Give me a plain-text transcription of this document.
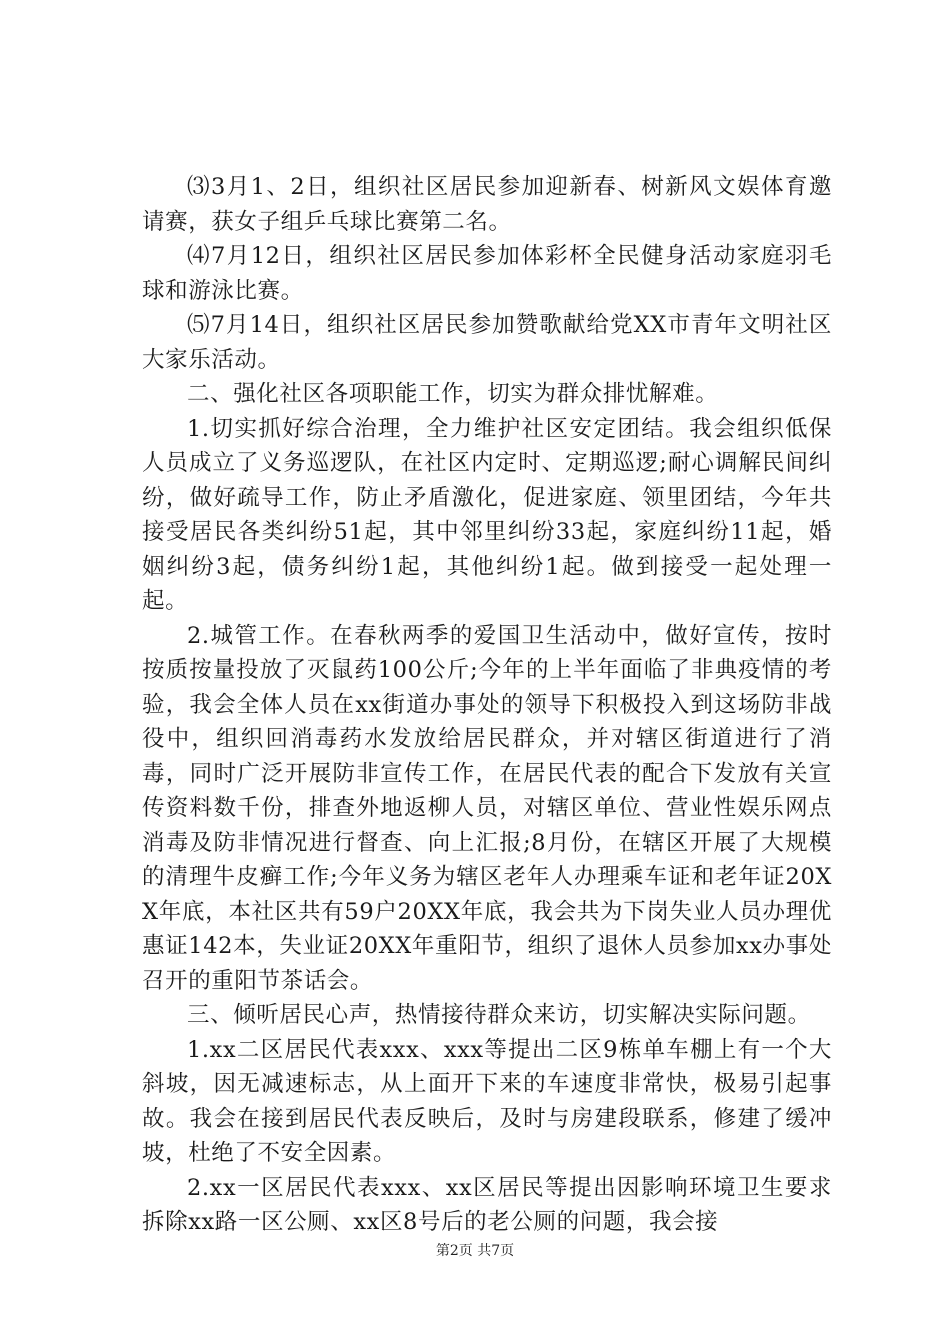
⑶3月1、2日，组织社区居民参加迎新春、树新风文娱体育邀请赛，获女子组乒乓球比赛第二名。

⑷7月12日，组织社区居民参加体彩杯全民健身活动家庭羽毛球和游泳比赛。

⑸7月14日，组织社区居民参加赞歌献给党XX市青年文明社区大家乐活动。

二、强化社区各项职能工作，切实为群众排忧解难。

1.切实抓好综合治理，全力维护社区安定团结。我会组织低保人员成立了义务巡逻队，在社区内定时、定期巡逻;耐心调解民间纠纷，做好疏导工作，防止矛盾激化，促进家庭、领里团结，今年共接受居民各类纠纷51起，其中邻里纠纷33起，家庭纠纷11起，婚姻纠纷3起，债务纠纷1起，其他纠纷1起。做到接受一起处理一起。

2.城管工作。在春秋两季的爱国卫生活动中，做好宣传，按时按质按量投放了灭鼠药100公斤;今年的上半年面临了非典疫情的考验，我会全体人员在xx街道办事处的领导下积极投入到这场防非战役中，组织回消毒药水发放给居民群众，并对辖区街道进行了消毒，同时广泛开展防非宣传工作，在居民代表的配合下发放有关宣传资料数千份，排查外地返柳人员，对辖区单位、营业性娱乐网点消毒及防非情况进行督查、向上汇报;8月份，在辖区开展了大规模的清理牛皮癣工作;今年义务为辖区老年人办理乘车证和老年证20XX年底，本社区共有59户20XX年底，我会共为下岗失业人员办理优惠证142本，失业证20XX年重阳节，组织了退休人员参加xx办事处召开的重阳节茶话会。

三、倾听居民心声，热情接待群众来访，切实解决实际问题。

1.xx二区居民代表xxx、xxx等提出二区9栋单车棚上有一个大斜坡，因无减速标志，从上面开下来的车速度非常快，极易引起事故。我会在接到居民代表反映后，及时与房建段联系，修建了缓冲坡，杜绝了不安全因素。

2.xx一区居民代表xxx、xx区居民等提出因影响环境卫生要求拆除xx路一区公厕、xx区8号后的老公厕的问题，我会接

第2页 共7页
